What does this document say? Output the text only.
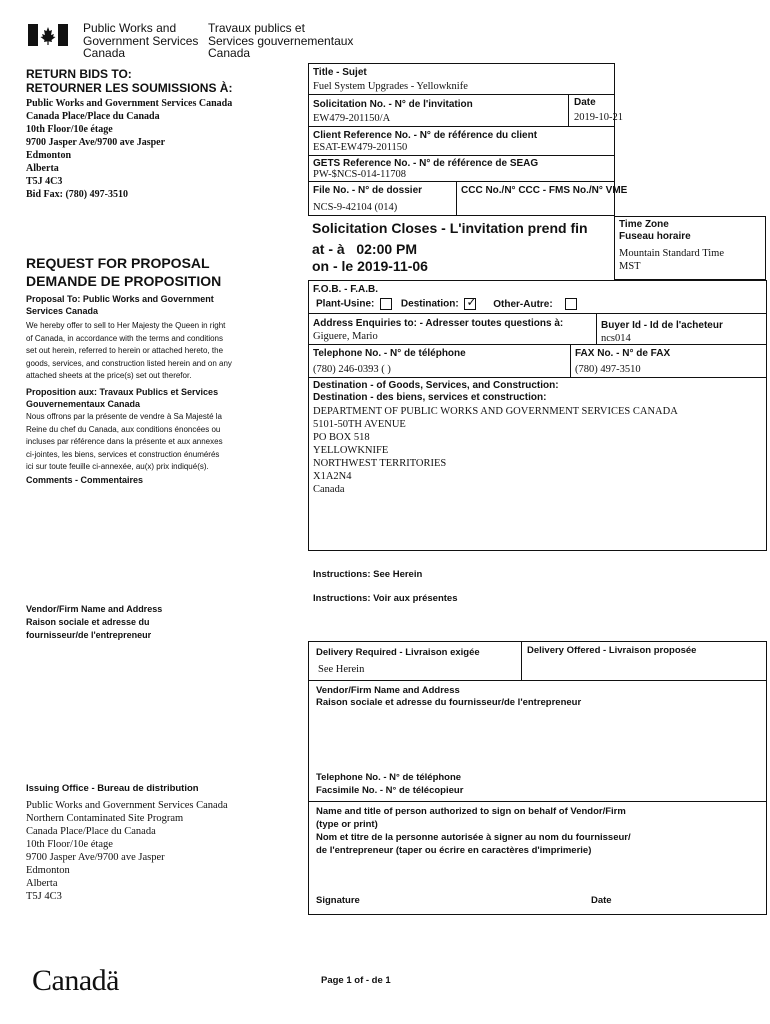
Public Works and
Government Services
Canada
Travaux publics et
Services gouvernementaux
Canada
RETURN BIDS TO:
RETOURNER LES SOUMISSIONS À:
Public Works and Government Services Canada
Canada Place/Place du Canada
10th Floor/10e étage
9700 Jasper Ave/9700 ave Jasper
Edmonton
Alberta
T5J 4C3
Bid Fax: (780) 497-3510
REQUEST FOR PROPOSAL
DEMANDE DE PROPOSITION
Proposal To: Public Works and Government
Services Canada
We hereby offer to sell to Her Majesty the Queen in right
of Canada, in accordance with the terms and conditions
set out herein, referred to herein or attached hereto, the
goods, services, and construction listed herein and on any
attached sheets at the price(s) set out therefor.
Proposition aux: Travaux Publics et Services
Gouvernementaux Canada
Nous offrons par la présente de vendre à Sa Majesté la
Reine du chef du Canada, aux conditions énoncées ou
incluses par référence dans la présente et aux annexes
ci-jointes, les biens, services et construction énumérés
ici sur toute feuille ci-annexée, au(x) prix indiqué(s).
Comments - Commentaires
Vendor/Firm Name and Address
Raison sociale et adresse du
fournisseur/de l'entrepreneur
Issuing Office - Bureau de distribution
Public Works and Government Services Canada
Northern Contaminated Site Program
Canada Place/Place du Canada
10th Floor/10e étage
9700 Jasper Ave/9700 ave Jasper
Edmonton
Alberta
T5J 4C3
Canadä
Title - Sujet
Fuel System Upgrades - Yellowknife
Solicitation No. - N° de l'invitation
EW479-201150/A
Date
2019-10-21
Client Reference No. - N° de référence du client
ESAT-EW479-201150
GETS Reference No. - N° de référence de SEAG
PW-$NCS-014-11708
File No. - N° de dossier
NCS-9-42104 (014)
CCC No./N° CCC - FMS No./N° VME
Solicitation Closes - L'invitation prend fin
at - à 02:00 PM
on - le 2019-11-06
Time Zone
Fuseau horaire
Mountain Standard Time
MST
F.O.B. - F.A.B.
Plant-Usine:	Destination: ✓ Other-Autre:
Address Enquiries to: - Adresser toutes questions à:
Giguere, Mario
Buyer Id - Id de l'acheteur
ncs014
Telephone No. - N° de téléphone
(780) 246-0393 ( )
FAX No. - N° de FAX
(780) 497-3510
Destination - of Goods, Services, and Construction:
Destination - des biens, services et construction:
DEPARTMENT OF PUBLIC WORKS AND GOVERNMENT SERVICES CANADA
5101-50TH AVENUE
PO BOX 518
YELLOWKNIFE
NORTHWEST TERRITORIES
X1A2N4
Canada
Instructions: See Herein
Instructions: Voir aux présentes
Delivery Required - Livraison exigée
See Herein
Delivery Offered - Livraison proposée
Vendor/Firm Name and Address
Raison sociale et adresse du fournisseur/de l'entrepreneur
Telephone No. - N° de téléphone
Facsimile No. - N° de télécopieur
Name and title of person authorized to sign on behalf of Vendor/Firm
(type or print)
Nom et titre de la personne autorisée à signer au nom du fournisseur/
de l'entrepreneur (taper ou écrire en caractères d'imprimerie)
Signature	Date
Page 1 of - de 1
